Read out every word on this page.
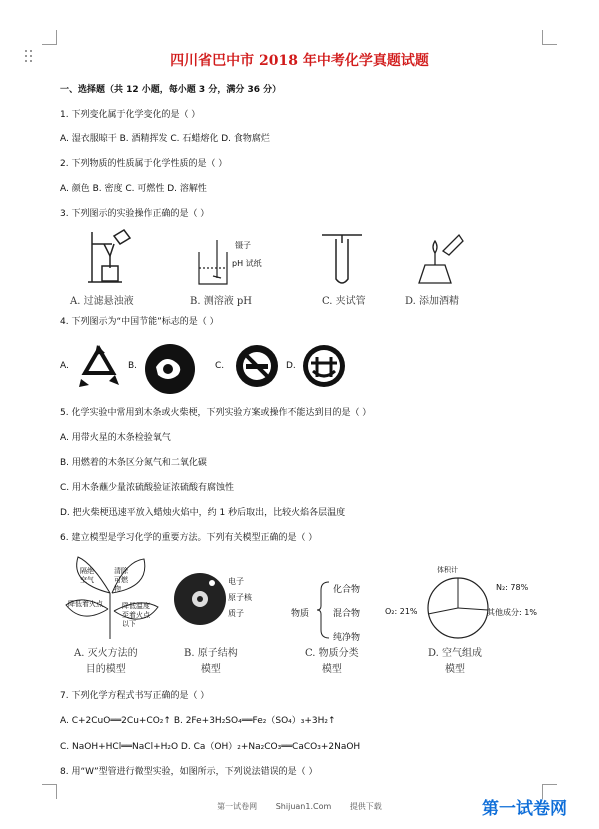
四川省巴中市 2018 年中考化学真题试题
一、选择题（共 12 小题，每小题 3 分，满分 36 分）
1. 下列变化属于化学变化的是（ ）
A. 湿衣服晾干 B. 酒精挥发 C. 石蜡熔化 D. 食物腐烂
2. 下列物质的性质属于化学性质的是（ ）
A. 颜色 B. 密度 C. 可燃性 D. 溶解性
3. 下列图示的实验操作正确的是（ ）
镊子
pH 试纸
A. 过滤悬浊液	B. 测溶液 pH	C. 夹试管	D. 添加酒精
4. 下列图示为“中国节能”标志的是（ ）
A.	B.	C.	D.
5. 化学实验中常用到木条或火柴梗，下列实验方案或操作不能达到目的是（ ）
A. 用带火星的木条检验氧气
B. 用燃着的木条区分氮气和二氧化碳
C. 用木条蘸少量浓硫酸验证浓硫酸有腐蚀性
D. 把火柴梗迅速平放入蜡烛火焰中，约 1 秒后取出，比较火焰各层温度
6. 建立模型是学习化学的重要方法。下列有关模型正确的是（ ）
隔绝空气
清除可燃物
降低着火点	降低温度至着火点以下
电子
原子核
质子	物质
化合物
混合物
纯净物
体积计
N₂: 78%
O₂: 21%	其他成分: 1%
A. 灭火方法的
目的模型
B. 原子结构
模型
C. 物质分类
模型
D. 空气组成
模型
7. 下列化学方程式书写正确的是（ ）
A. C+2CuO══2Cu+CO₂↑ B. 2Fe+3H₂SO₄══Fe₂（SO₄）₃+3H₂↑
C. NaOH+HCl══NaCl+H₂O D. Ca（OH）₂+Na₂CO₃══CaCO₃+2NaOH
8. 用“W”型管进行微型实验，如图所示，下列说法错误的是（ ）
第一试卷网 Shijuan1.Com 提供下载	第一试卷网
